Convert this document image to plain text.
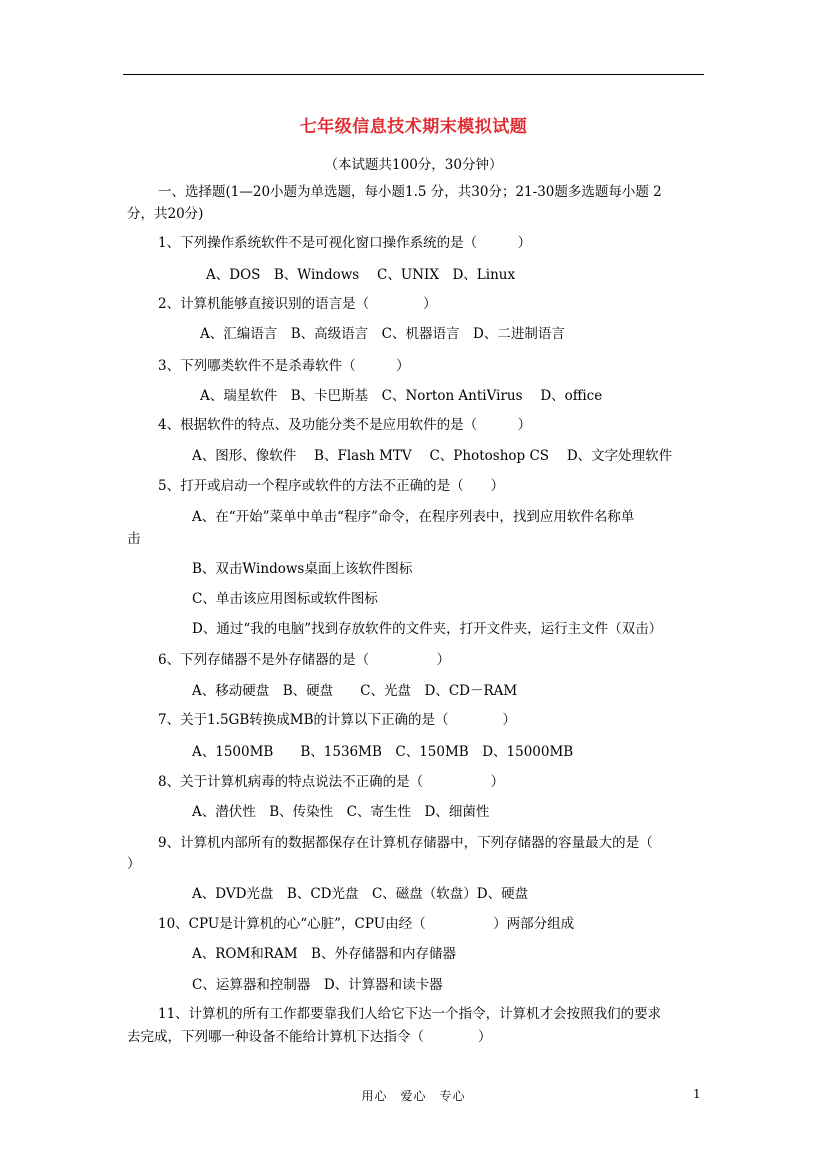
七年级信息技术期末模拟试题
（本试题共100分，30分钟）
一、选择题(1—20小题为单选题，每小题1.5 分，共30分；21-30题多选题每小题 2
分，共20分)
1、下列操作系统软件不是可视化窗口操作系统的是（　　　）
A、DOS　B、Windows　 C、UNIX　D、Linux
2、计算机能够直接识别的语言是（　　　　）
A、汇编语言　B、高级语言　C、机器语言　D、二进制语言
3、下列哪类软件不是杀毒软件（　　　）
A、瑞星软件　B、卡巴斯基　C、Norton AntiVirus　 D、office
4、根据软件的特点、及功能分类不是应用软件的是（　　　）
A、图形、像软件　 B、Flash MTV　 C、Photoshop CS　 D、文字处理软件
5、打开或启动一个程序或软件的方法不正确的是（　　）
A、在“开始”菜单中单击“程序”命令，在程序列表中，找到应用软件名称单
击
B、双击Windows桌面上该软件图标
C、单击该应用图标或软件图标
D、通过“我的电脑”找到存放软件的文件夹，打开文件夹，运行主文件（双击）
6、下列存储器不是外存储器的是（　　　　　）
A、移动硬盘　B、硬盘　　C、光盘　D、CD－RAM
7、关于1.5GB转换成MB的计算以下正确的是（　　　　）
A、1500MB　　B、1536MB　C、150MB　D、15000MB
8、关于计算机病毒的特点说法不正确的是（　　　　　）
A、潜伏性　B、传染性　C、寄生性　D、细菌性
9、计算机内部所有的数据都保存在计算机存储器中，下列存储器的容量最大的是（
）
A、DVD光盘　B、CD光盘　C、磁盘（软盘）D、硬盘
10、CPU是计算机的心“心脏”，CPU由经（　　　　　）两部分组成
A、ROM和RAM　B、外存储器和内存储器
C、运算器和控制器　D、计算器和读卡器
11、计算机的所有工作都要靠我们人给它下达一个指令，计算机才会按照我们的要求
去完成，下列哪一种设备不能给计算机下达指令（　　　　）
用心　爱心　专心	1
